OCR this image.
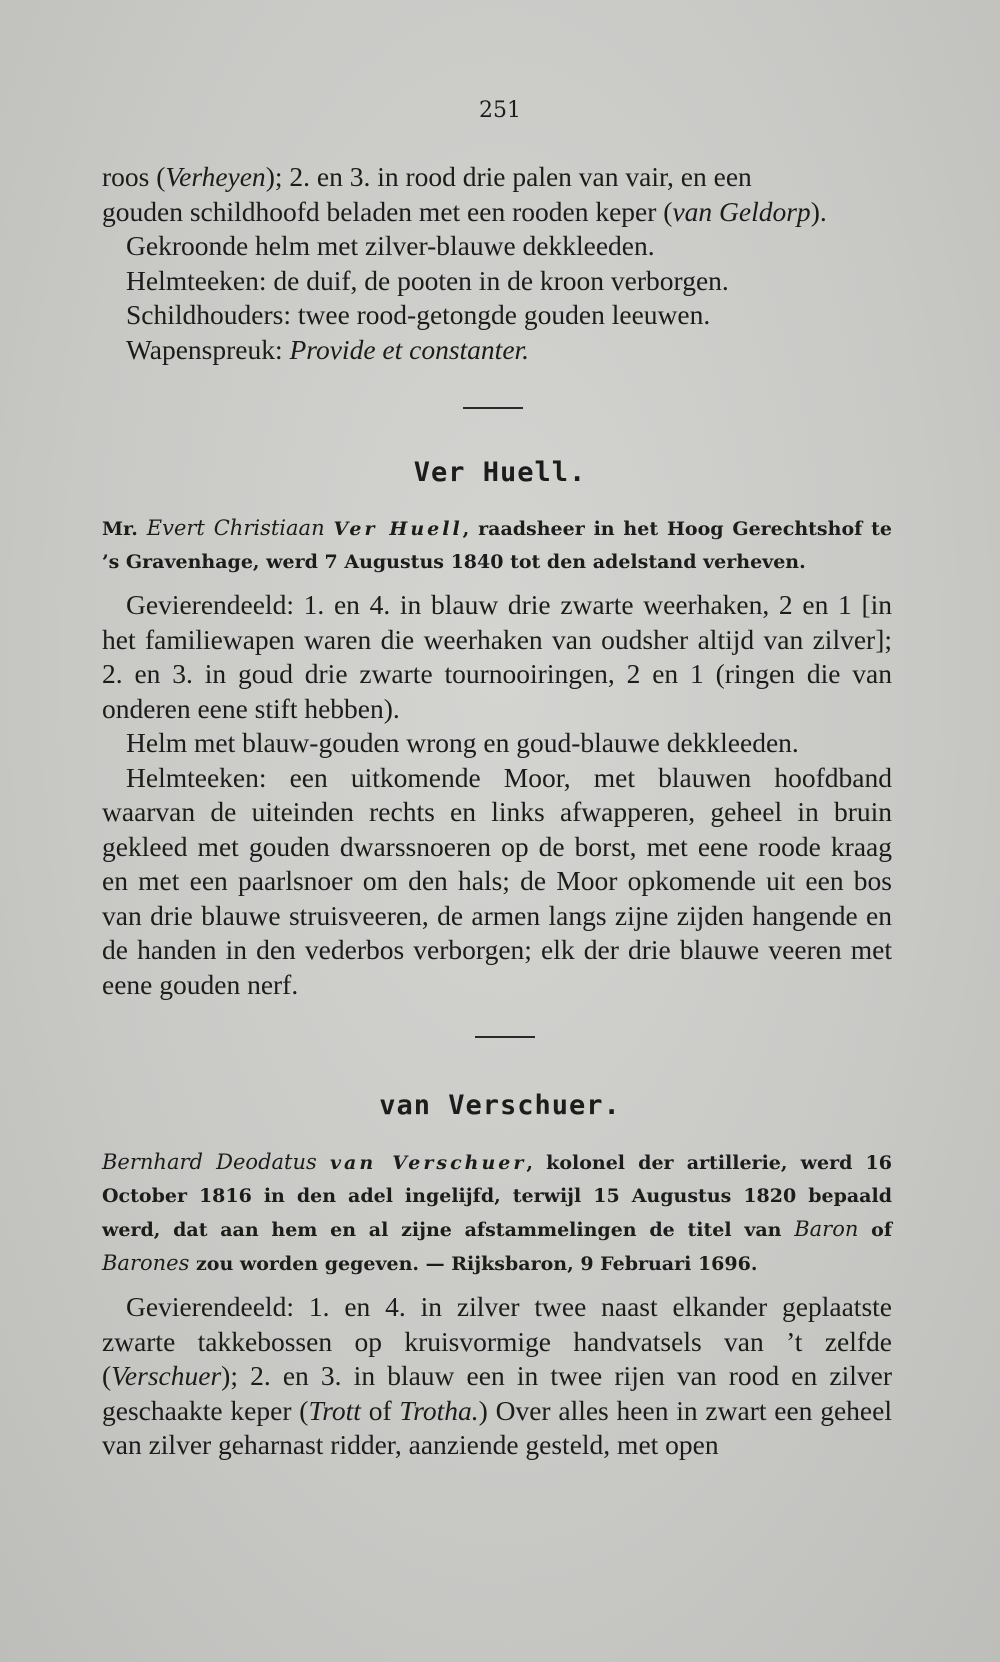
251

roos (Verheyen); 2. en 3. in rood drie palen van vair, en een

gouden schildhoofd beladen met een rooden keper (van Geldorp).

Gekroonde helm met zilver-blauwe dekkleeden.

Helmteeken: de duif, de pooten in de kroon verborgen.

Schildhouders: twee rood-getongde gouden leeuwen.

Wapenspreuk: Provide et constanter.

Ver Huell.

Mr. Evert Christiaan Ver Huell, raadsheer in het Hoog Gerechtshof te ’s Gravenhage, werd 7 Augustus 1840 tot den adelstand verheven.

Gevierendeeld: 1. en 4. in blauw drie zwarte weerhaken, 2 en 1 [in het familiewapen waren die weerhaken van oudsher altijd van zilver]; 2. en 3. in goud drie zwarte tournooiringen, 2 en 1 (ringen die van onderen eene stift hebben).

Helm met blauw-gouden wrong en goud-blauwe dekkleeden.

Helmteeken: een uitkomende Moor, met blauwen hoofdband waarvan de uiteinden rechts en links afwapperen, geheel in bruin gekleed met gouden dwarssnoeren op de borst, met eene roode kraag en met een paarlsnoer om den hals; de Moor opkomende uit een bos van drie blauwe struisveeren, de armen langs zijne zijden hangende en de handen in den vederbos verborgen; elk der drie blauwe veeren met eene gouden nerf.

van Verschuer.

Bernhard Deodatus van Verschuer, kolonel der artillerie, werd 16 October 1816 in den adel ingelijfd, terwijl 15 Augustus 1820 bepaald werd, dat aan hem en al zijne afstammelingen de titel van Baron of Barones zou worden gegeven. — Rijksbaron, 9 Februari 1696.

Gevierendeeld: 1. en 4. in zilver twee naast elkander geplaatste zwarte takkebossen op kruisvormige handvatsels van ’t zelfde (Verschuer); 2. en 3. in blauw een in twee rijen van rood en zilver geschaakte keper (Trott of Trotha.) Over alles heen in zwart een geheel van zilver geharnast ridder, aanziende gesteld, met open
